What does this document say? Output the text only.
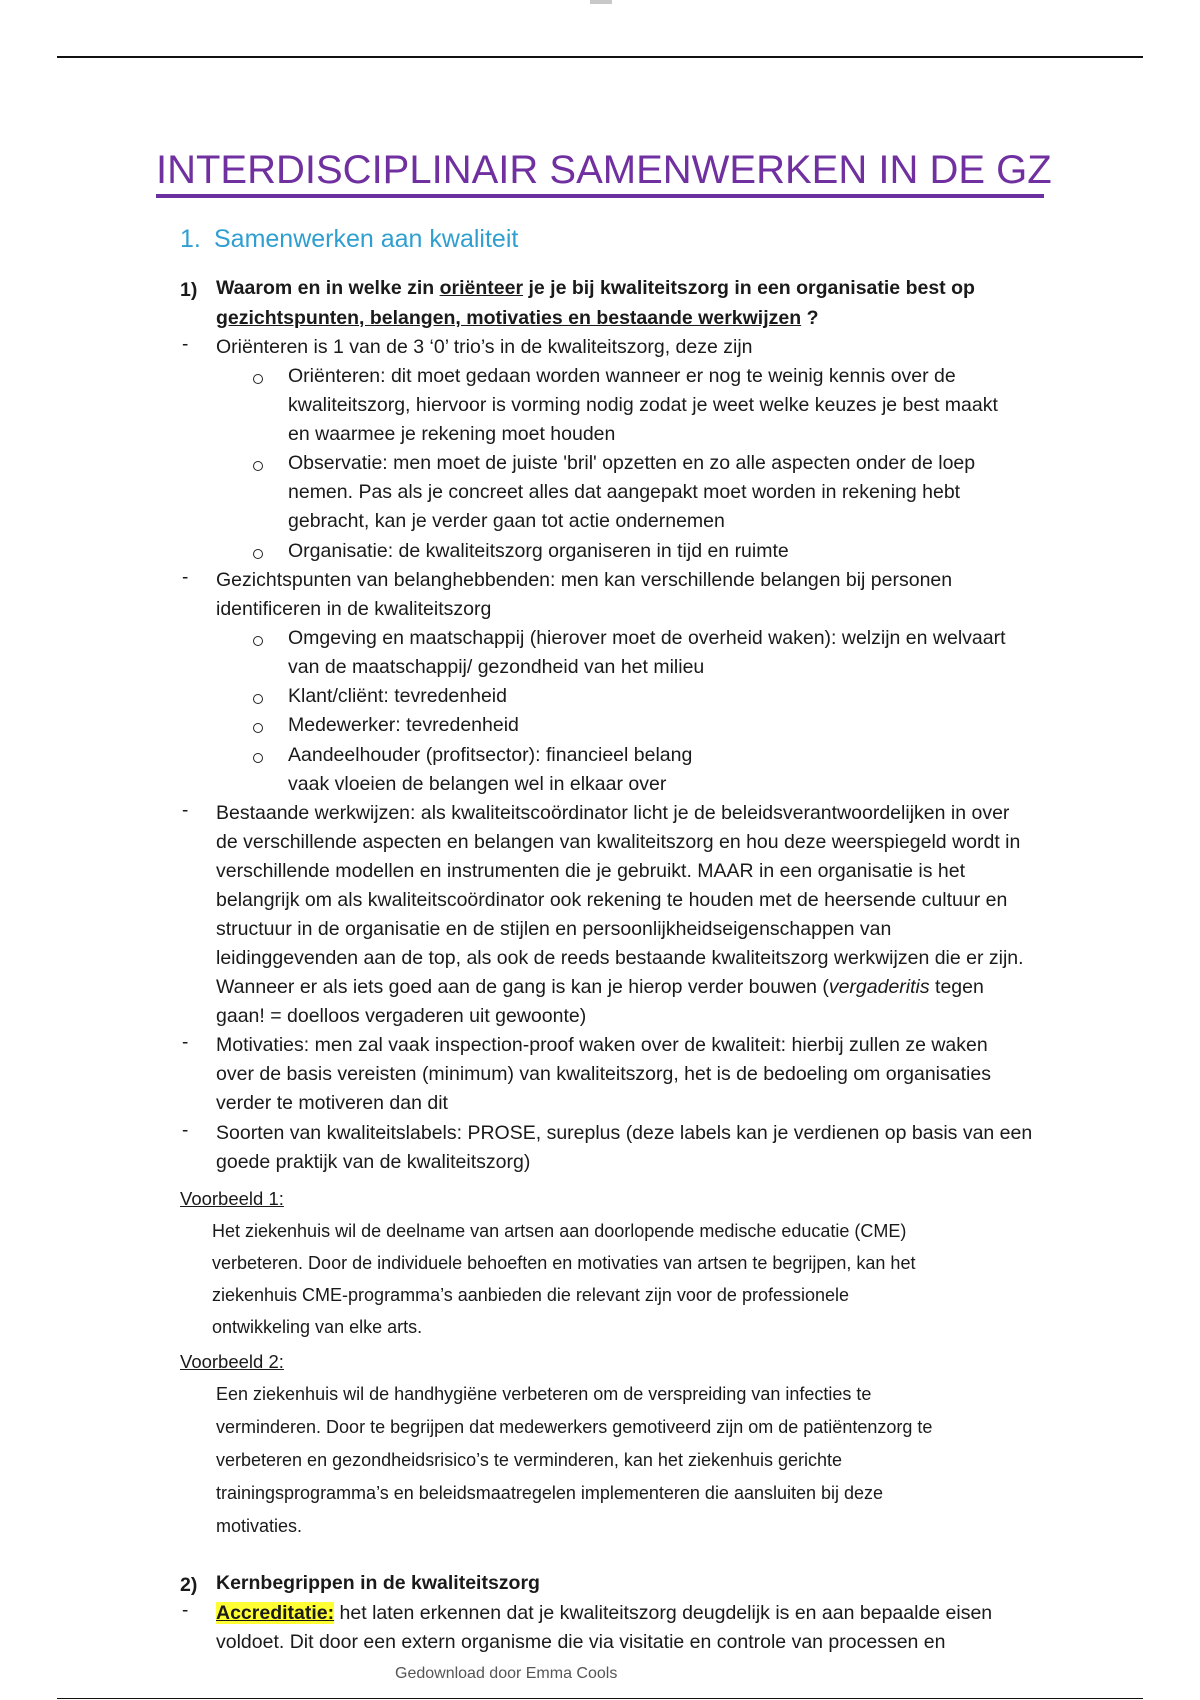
INTERDISCIPLINAIR SAMENWERKEN IN DE GZ
1. Samenwerken aan kwaliteit
1) Waarom en in welke zin oriënteer je je bij kwaliteitszorg in een organisatie best op
gezichtspunten, belangen, motivaties en bestaande werkwijzen ?
- Oriënteren is 1 van de 3 ‘0’ trio’s in de kwaliteitszorg, deze zijn
Oriënteren: dit moet gedaan worden wanneer er nog te weinig kennis over de
kwaliteitszorg, hiervoor is vorming nodig zodat je weet welke keuzes je best maakt
en waarmee je rekening moet houden
Observatie: men moet de juiste 'bril' opzetten en zo alle aspecten onder de loep
nemen. Pas als je concreet alles dat aangepakt moet worden in rekening hebt
gebracht, kan je verder gaan tot actie ondernemen
Organisatie: de kwaliteitszorg organiseren in tijd en ruimte
- Gezichtspunten van belanghebbenden: men kan verschillende belangen bij personen
identificeren in de kwaliteitszorg
Omgeving en maatschappij (hierover moet de overheid waken): welzijn en welvaart
van de maatschappij/ gezondheid van het milieu
Klant/cliënt: tevredenheid
Medewerker: tevredenheid
Aandeelhouder (profitsector): financieel belang
vaak vloeien de belangen wel in elkaar over
- Bestaande werkwijzen: als kwaliteitscoördinator licht je de beleidsverantwoordelijken in over
de verschillende aspecten en belangen van kwaliteitszorg en hou deze weerspiegeld wordt in
verschillende modellen en instrumenten die je gebruikt. MAAR in een organisatie is het
belangrijk om als kwaliteitscoördinator ook rekening te houden met de heersende cultuur en
structuur in de organisatie en de stijlen en persoonlijkheidseigenschappen van
leidinggevenden aan de top, als ook de reeds bestaande kwaliteitszorg werkwijzen die er zijn.
Wanneer er als iets goed aan de gang is kan je hierop verder bouwen (vergaderitis tegen
gaan! = doelloos vergaderen uit gewoonte)
- Motivaties: men zal vaak inspection-proof waken over de kwaliteit: hierbij zullen ze waken
over de basis vereisten (minimum) van kwaliteitszorg, het is de bedoeling om organisaties
verder te motiveren dan dit
- Soorten van kwaliteitslabels: PROSE, sureplus (deze labels kan je verdienen op basis van een
goede praktijk van de kwaliteitszorg)
Voorbeeld 1:
Het ziekenhuis wil de deelname van artsen aan doorlopende medische educatie (CME)
verbeteren. Door de individuele behoeften en motivaties van artsen te begrijpen, kan het
ziekenhuis CME-programma’s aanbieden die relevant zijn voor de professionele
ontwikkeling van elke arts.
Voorbeeld 2:
Een ziekenhuis wil de handhygiëne verbeteren om de verspreiding van infecties te
verminderen. Door te begrijpen dat medewerkers gemotiveerd zijn om de patiëntenzorg te
verbeteren en gezondheidsrisico’s te verminderen, kan het ziekenhuis gerichte
trainingsprogramma’s en beleidsmaatregelen implementeren die aansluiten bij deze
motivaties.
2) Kernbegrippen in de kwaliteitszorg
- Accreditatie: het laten erkennen dat je kwaliteitszorg deugdelijk is en aan bepaalde eisen
voldoet. Dit door een extern organisme die via visitatie en controle van processen en
Gedownload door Emma Cools
